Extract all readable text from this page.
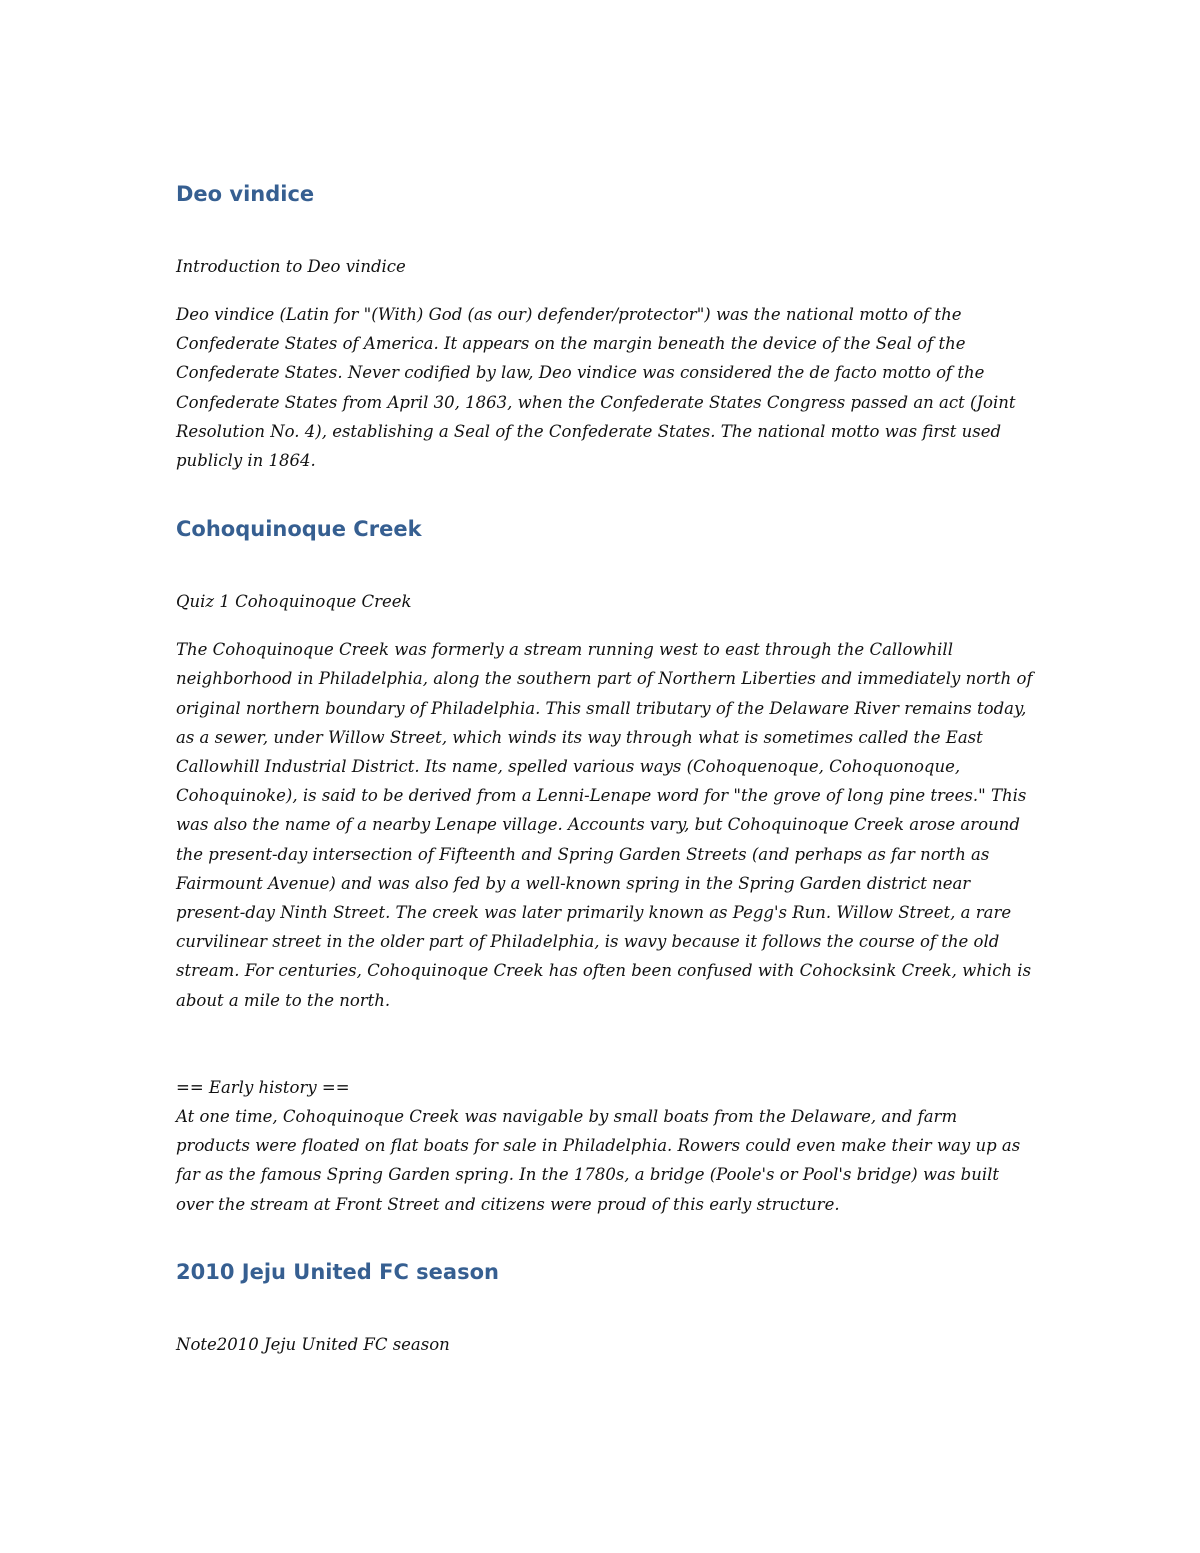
Deo vindice

Introduction to Deo vindice

Deo vindice (Latin for "(With) God (as our) defender/protector") was the national motto of the Confederate States of America. It appears on the margin beneath the device of the Seal of the Confederate States. Never codified by law, Deo vindice was considered the de facto motto of the Confederate States from April 30, 1863, when the Confederate States Congress passed an act (Joint Resolution No. 4), establishing a Seal of the Confederate States. The national motto was first used publicly in 1864.

Cohoquinoque Creek

Quiz 1 Cohoquinoque Creek

The Cohoquinoque Creek was formerly a stream running west to east through the Callowhill neighborhood in Philadelphia, along the southern part of Northern Liberties and immediately north of original northern boundary of Philadelphia. This small tributary of the Delaware River remains today, as a sewer, under Willow Street, which winds its way through what is sometimes called the East Callowhill Industrial District. Its name, spelled various ways (Cohoquenoque, Cohoquonoque, Cohoquinoke), is said to be derived from a Lenni-Lenape word for "the grove of long pine trees." This was also the name of a nearby Lenape village. Accounts vary, but Cohoquinoque Creek arose around the present-day intersection of Fifteenth and Spring Garden Streets (and perhaps as far north as Fairmount Avenue) and was also fed by a well-known spring in the Spring Garden district near present-day Ninth Street. The creek was later primarily known as Pegg's Run. Willow Street, a rare curvilinear street in the older part of Philadelphia, is wavy because it follows the course of the old stream. For centuries, Cohoquinoque Creek has often been confused with Cohocksink Creek, which is about a mile to the north.

== Early history ==

At one time, Cohoquinoque Creek was navigable by small boats from the Delaware, and farm products were floated on flat boats for sale in Philadelphia. Rowers could even make their way up as far as the famous Spring Garden spring. In the 1780s, a bridge (Poole's or Pool's bridge) was built over the stream at Front Street and citizens were proud of this early structure.

2010 Jeju United FC season

Note2010 Jeju United FC season
